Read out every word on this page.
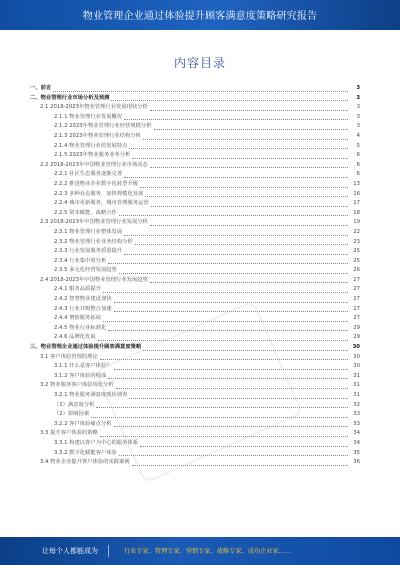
物业管理企业通过体验提升顾客满意度策略研究报告
内容目录
一、前言	3
二、物业管理行业市场分析及预测	3
2.1 2018-2023年物业管理行业发展现状分析	3
2.1.1 物业管理行业发展概况	3
2.1.2 2023年物业管理行业经营规模分析	3
2.1.3 2023年物业管理行业结构分析	4
2.1.4 物业管理行业的发展特点	5
2.1.5 2023年物业服务业务分析	6
2.2 2018-2023年中国物业管理行业市场动态	6
2.2.1 社区生态服务逐渐完善	6
2.2.2 推进物业企业数字化转型升级	13
2.2.3 多种业态服务，加快规模化发展	16
2.2.4 城市更新服务，城市管理服务运营	17
2.2.5 资本赋能，战略合作	18
2.3 2018-2023年中国物业管理行业发展分析	19
2.3.1 物业管理行业整体发展	22
2.3.2 物业管理行业业务结构分析	23
2.3.3 行业发展服务质量提升	25
2.3.4 行业集中度分析	25
2.3.5 多元化经营发展趋势	26
2.4 2018-2023年中国物业管理行业发展趋势	27
2.4.1 服务品质提升	27
2.4.2 智慧物业建设加快	27
2.4.3 行业并购整合加速	27
2.4.4 增值服务拓展	27
2.4.5 物业行业标准化	29
2.4.6 品牌化发展	29
三、物业管理企业通过体验提升顾客满意度策略	30
3.1 客户体验管理的理论	30
3.1.1 什么是客户体验？	30
3.1.2 客户体验的构成	31
3.2 物业服务客户体验现状分析	31
3.2.1 物业服务满意度现状调查	31
（1）满意度分析	32
（2）影响因素	33
3.2.2 客户体验痛点分析	33
3.3 提升客户体验的策略	34
3.3.1 构建以客户为中心的服务体系	34
3.3.2 数字化赋能客户体验	35
3.4 物业企业提升客户体验的实践案例	36
让每个人都能成为	行业专家、管理专家、营销专家、战略专家、成功企业家……
